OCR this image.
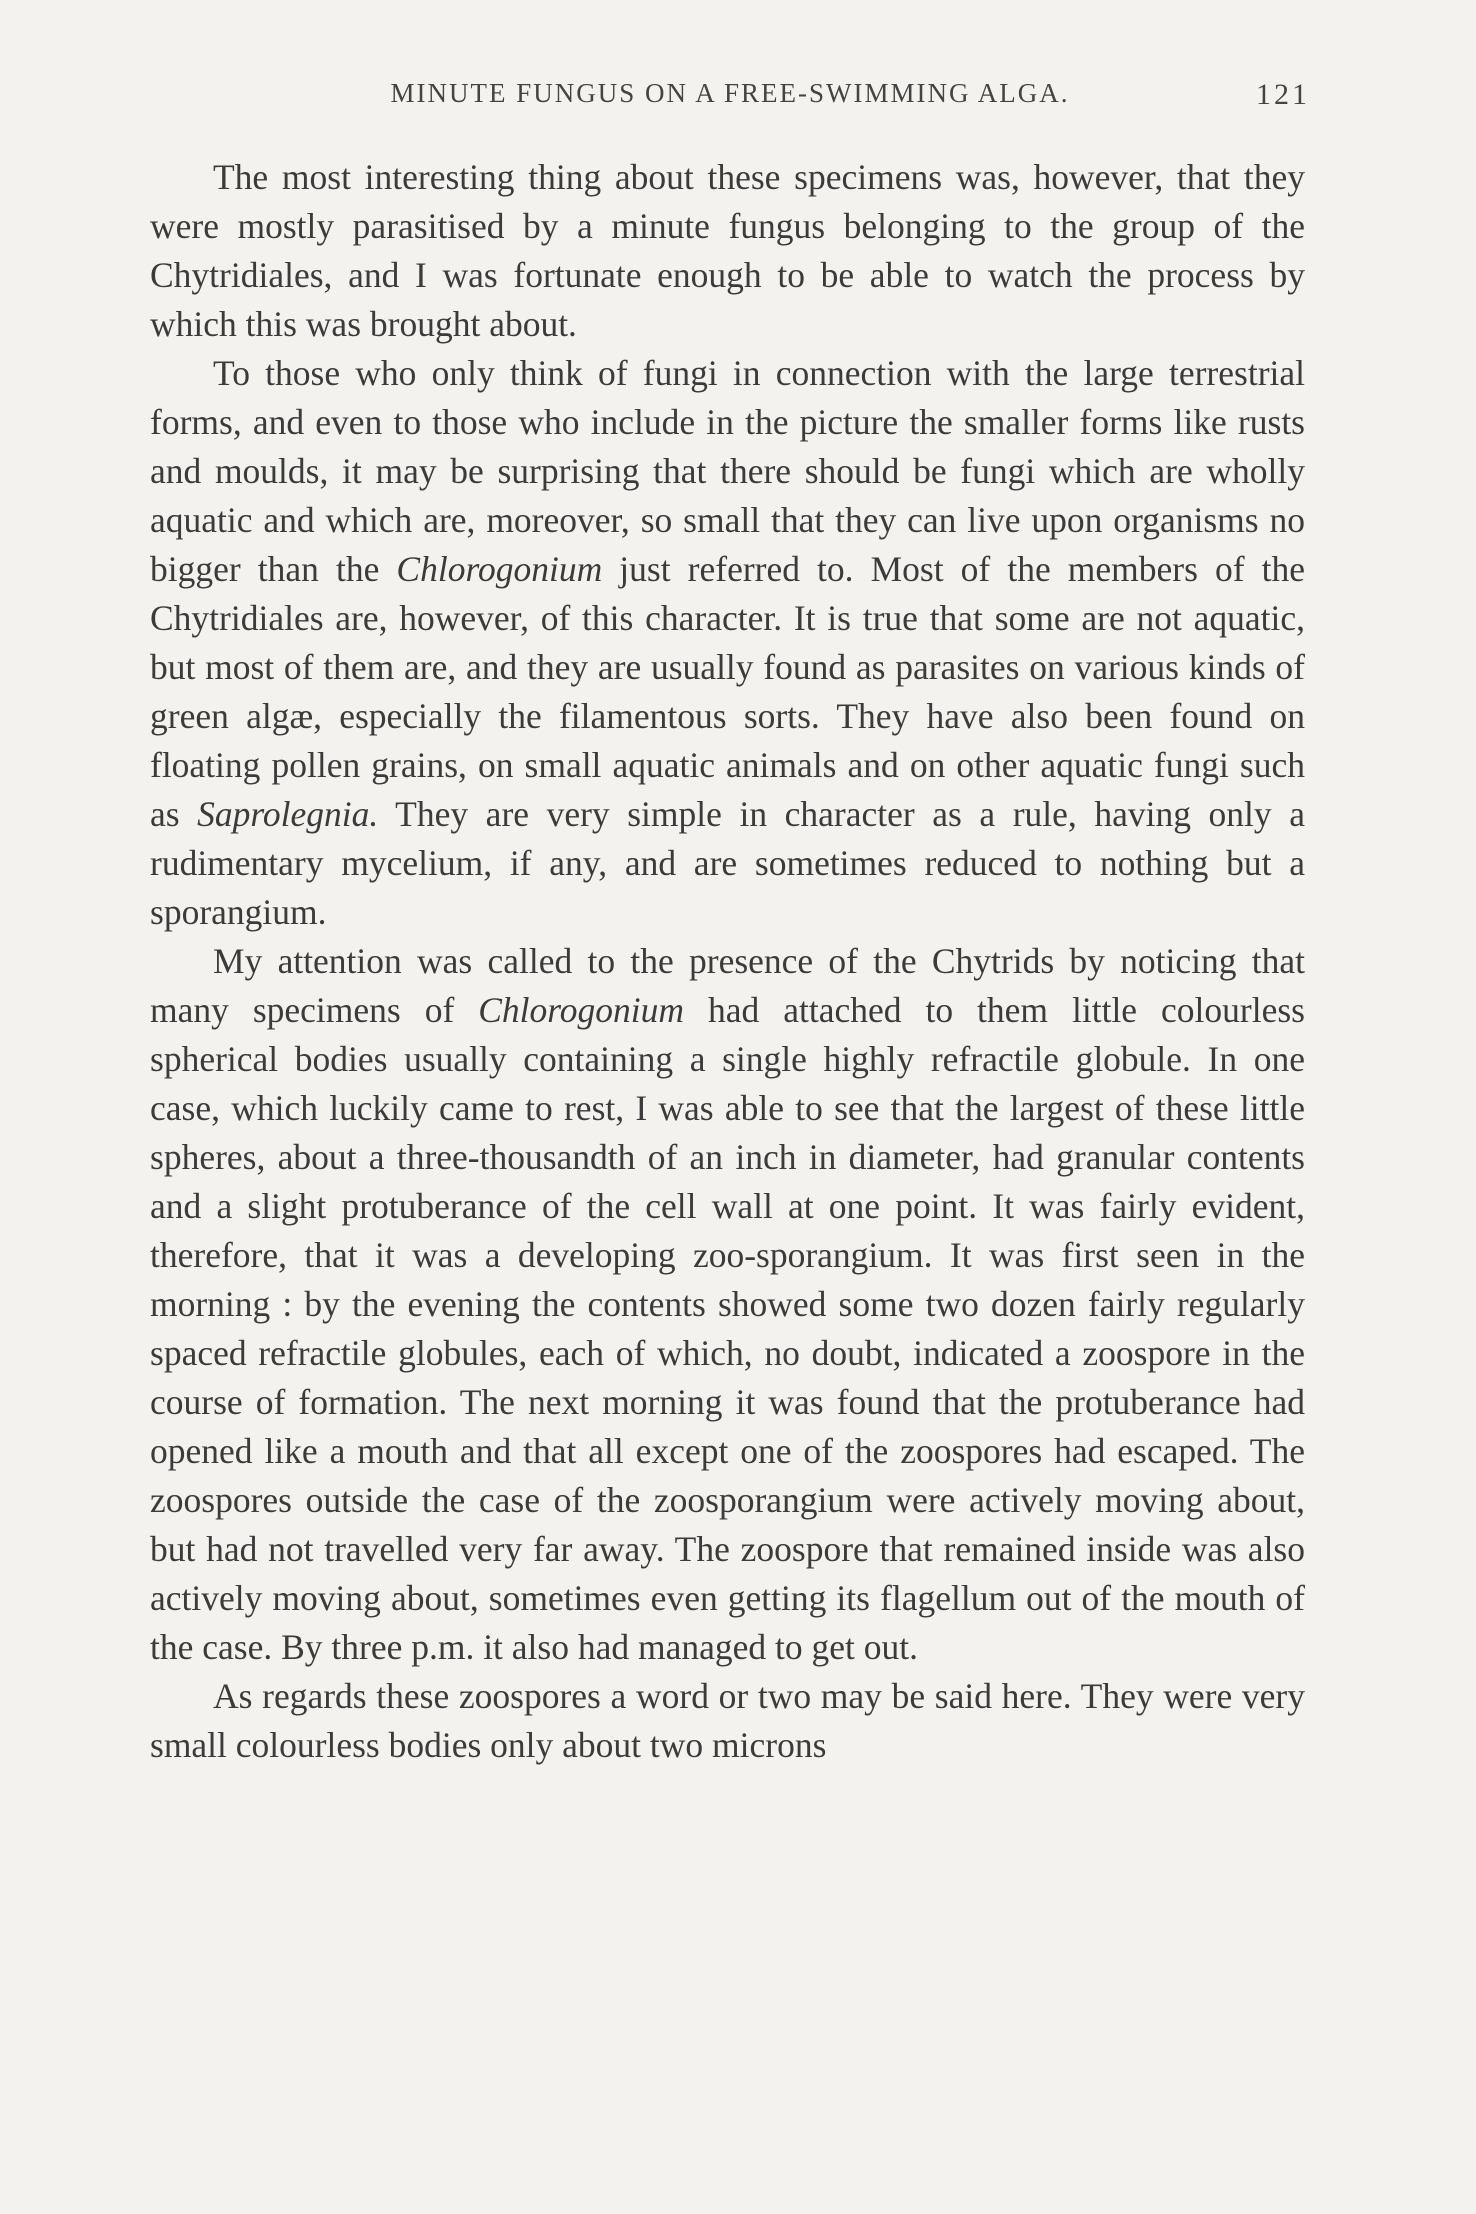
MINUTE FUNGUS ON A FREE-SWIMMING ALGA.	121

The most interesting thing about these specimens was, however, that they were mostly parasitised by a minute fungus belonging to the group of the Chytridiales, and I was fortunate enough to be able to watch the process by which this was brought about.

To those who only think of fungi in connection with the large terrestrial forms, and even to those who include in the picture the smaller forms like rusts and moulds, it may be surprising that there should be fungi which are wholly aquatic and which are, moreover, so small that they can live upon organisms no bigger than the Chlorogonium just referred to. Most of the members of the Chytridiales are, however, of this character. It is true that some are not aquatic, but most of them are, and they are usually found as parasites on various kinds of green algæ, especially the filamentous sorts. They have also been found on floating pollen grains, on small aquatic animals and on other aquatic fungi such as Saprolegnia. They are very simple in character as a rule, having only a rudimentary mycelium, if any, and are sometimes reduced to nothing but a sporangium.

My attention was called to the presence of the Chytrids by noticing that many specimens of Chlorogonium had attached to them little colourless spherical bodies usually containing a single highly refractile globule. In one case, which luckily came to rest, I was able to see that the largest of these little spheres, about a three-thousandth of an inch in diameter, had granular contents and a slight protuberance of the cell wall at one point. It was fairly evident, therefore, that it was a developing zoo-sporangium. It was first seen in the morning : by the evening the contents showed some two dozen fairly regularly spaced refractile globules, each of which, no doubt, indicated a zoospore in the course of formation. The next morning it was found that the protuberance had opened like a mouth and that all except one of the zoospores had escaped. The zoospores outside the case of the zoosporangium were actively moving about, but had not travelled very far away. The zoospore that remained inside was also actively moving about, sometimes even getting its flagellum out of the mouth of the case. By three p.m. it also had managed to get out.

As regards these zoospores a word or two may be said here. They were very small colourless bodies only about two microns
